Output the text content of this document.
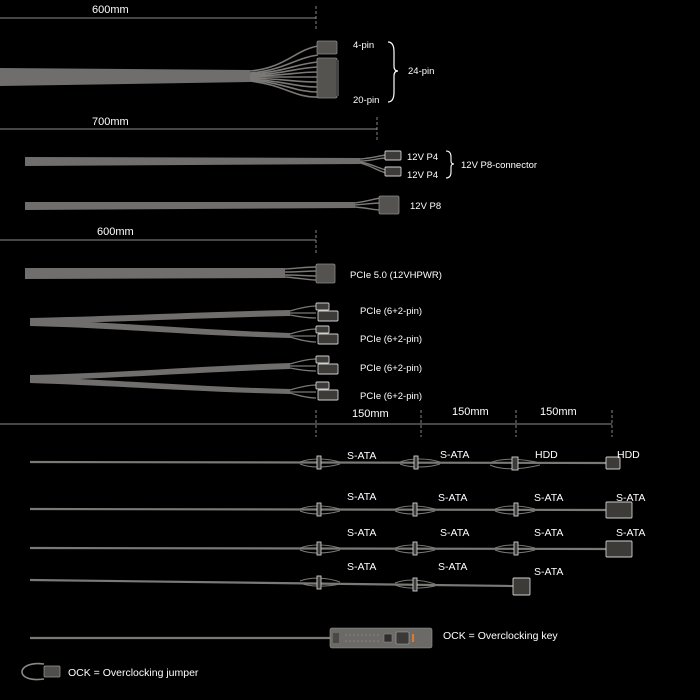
600mm
700mm
600mm
150mm	150mm	150mm
4-pin
20-pin
24-pin
12V P4
12V P4
12V P8-connector
12V P8
PCIe 5.0 (12VHPWR)
PCIe (6+2-pin)
PCIe (6+2-pin)
PCIe (6+2-pin)
PCIe (6+2-pin)
S-ATA	S-ATA	HDD	HDD
S-ATA	S-ATA	S-ATA	S-ATA
S-ATA	S-ATA	S-ATA	S-ATA
S-ATA	S-ATA	S-ATA
OCK = Overclocking key
OCK = Overclocking jumper
